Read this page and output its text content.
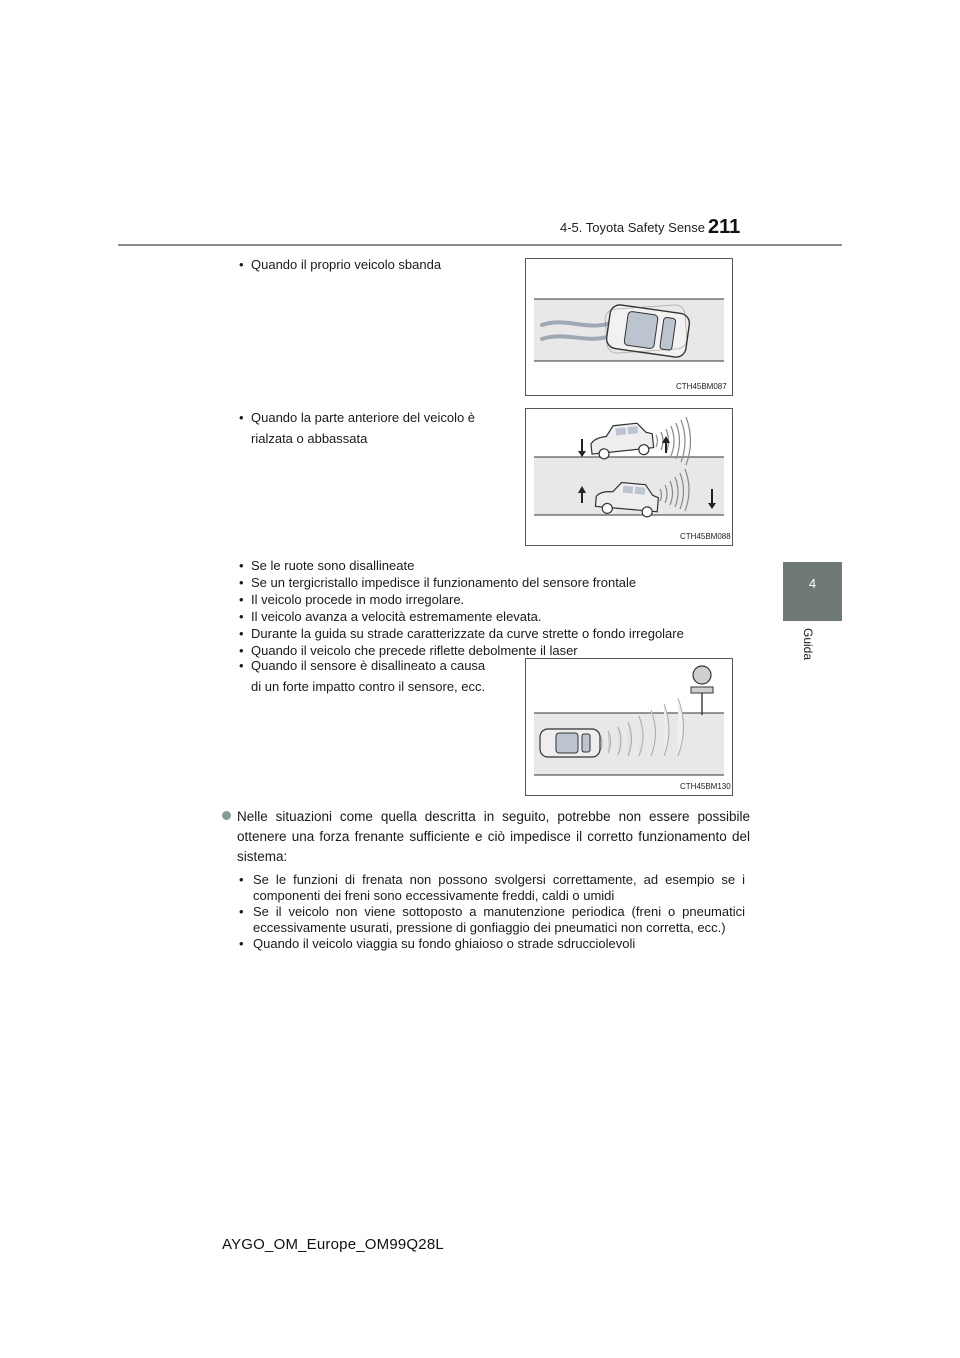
4-5. Toyota Safety Sense 211
4
Guida
• Quando il proprio veicolo sbanda
CTH45BM087
• Quando la parte anteriore del veicolo è
rialzata o abbassata
CTH45BM088
• Se le ruote sono disallineate
• Se un tergicristallo impedisce il funzionamento del sensore frontale
• Il veicolo procede in modo irregolare.
• Il veicolo avanza a velocità estremamente elevata.
• Durante la guida su strade caratterizzate da curve strette o fondo irregolare
• Quando il veicolo che precede riflette debolmente il laser
• Quando il sensore è disallineato a causa
di un forte impatto contro il sensore, ecc.
CTH45BM130
Nelle situazioni come quella descritta in seguito, potrebbe non essere possibile
ottenere una forza frenante sufficiente e ciò impedisce il corretto funzionamento del
sistema:
• Se le funzioni di frenata non possono svolgersi correttamente, ad esempio se i componenti dei freni sono eccessivamente freddi, caldi o umidi
• Se il veicolo non viene sottoposto a manutenzione periodica (freni o pneumatici eccessivamente usurati, pressione di gonfiaggio dei pneumatici non corretta, ecc.)
• Quando il veicolo viaggia su fondo ghiaioso o strade sdrucciolevoli
AYGO_OM_Europe_OM99Q28L
